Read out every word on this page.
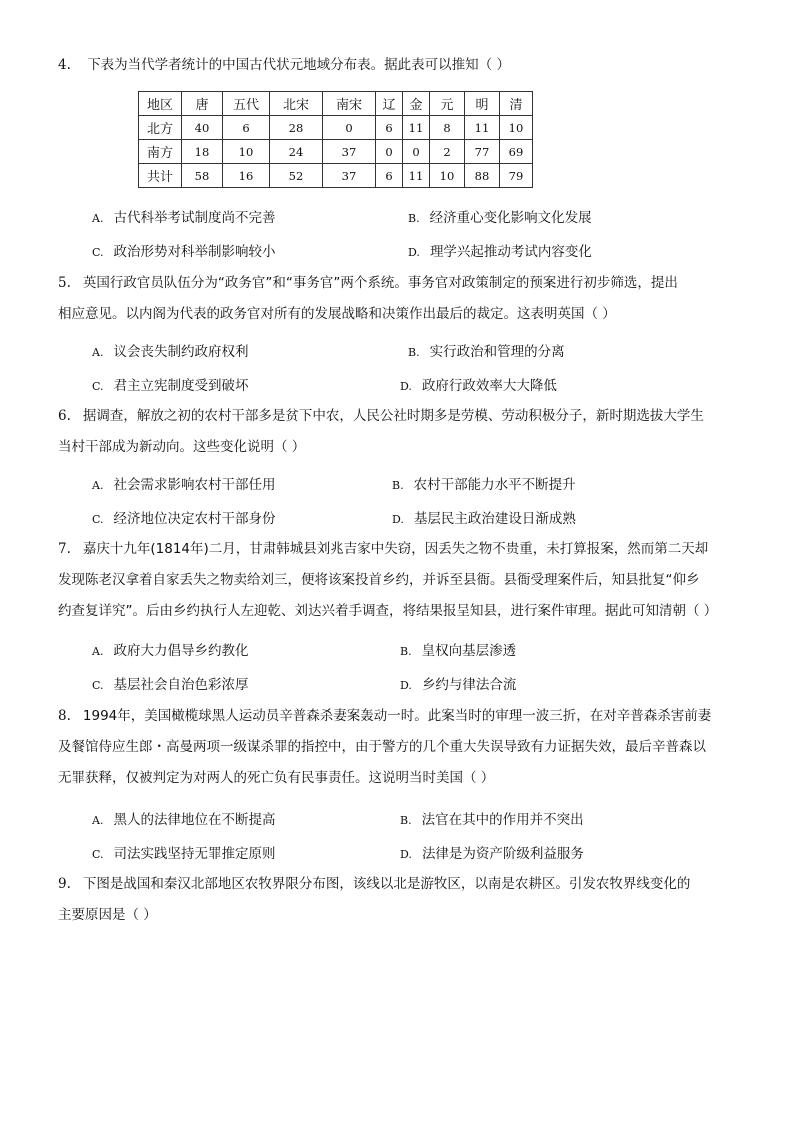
4. 下表为当代学者统计的中国古代状元地域分布表。据此表可以推知（ ）
地区	唐	五代	北宋	南宋	辽	金	元	明	清
北方	40	6	28	0	6	11	8	11	10
南方	18	10	24	37	0	0	2	77	69
共计	58	16	52	37	6	11	10	88	79
A. 古代科举考试制度尚不完善	B. 经济重心变化影响文化发展
C. 政治形势对科举制影响较小	D. 理学兴起推动考试内容变化
5. 英国行政官员队伍分为“政务官”和“事务官”两个系统。事务官对政策制定的预案进行初步筛选，提出
相应意见。以内阁为代表的政务官对所有的发展战略和决策作出最后的裁定。这表明英国（ ）
A. 议会丧失制约政府权利	B. 实行政治和管理的分离
C. 君主立宪制度受到破坏	D. 政府行政效率大大降低
6. 据调查，解放之初的农村干部多是贫下中农，人民公社时期多是劳模、劳动积极分子，新时期选拔大学生
当村干部成为新动向。这些变化说明（ ）
A. 社会需求影响农村干部任用	B. 农村干部能力水平不断提升
C. 经济地位决定农村干部身份	D. 基层民主政治建设日渐成熟
7. 嘉庆十九年(1814年)二月，甘肃韩城县刘兆吉家中失窃，因丢失之物不贵重，未打算报案，然而第二天却
发现陈老汉拿着自家丢失之物卖给刘三，便将该案投首乡约，并诉至县衙。县衙受理案件后，知县批复“仰乡
约查复详究”。后由乡约执行人左迎乾、刘达兴着手调查，将结果报呈知县，进行案件审理。据此可知清朝（ ）
A. 政府大力倡导乡约教化	B. 皇权向基层渗透
C. 基层社会自治色彩浓厚	D. 乡约与律法合流
8. 1994年，美国橄榄球黑人运动员辛普森杀妻案轰动一时。此案当时的审理一波三折，在对辛普森杀害前妻
及餐馆侍应生郎・高曼两项一级谋杀罪的指控中，由于警方的几个重大失误导致有力证据失效，最后辛普森以
无罪获释，仅被判定为对两人的死亡负有民事责任。这说明当时美国（ ）
A. 黑人的法律地位在不断提高	B. 法官在其中的作用并不突出
C. 司法实践坚持无罪推定原则	D. 法律是为资产阶级利益服务
9. 下图是战国和秦汉北部地区农牧界限分布图，该线以北是游牧区，以南是农耕区。引发农牧界线变化的
主要原因是（ ）
